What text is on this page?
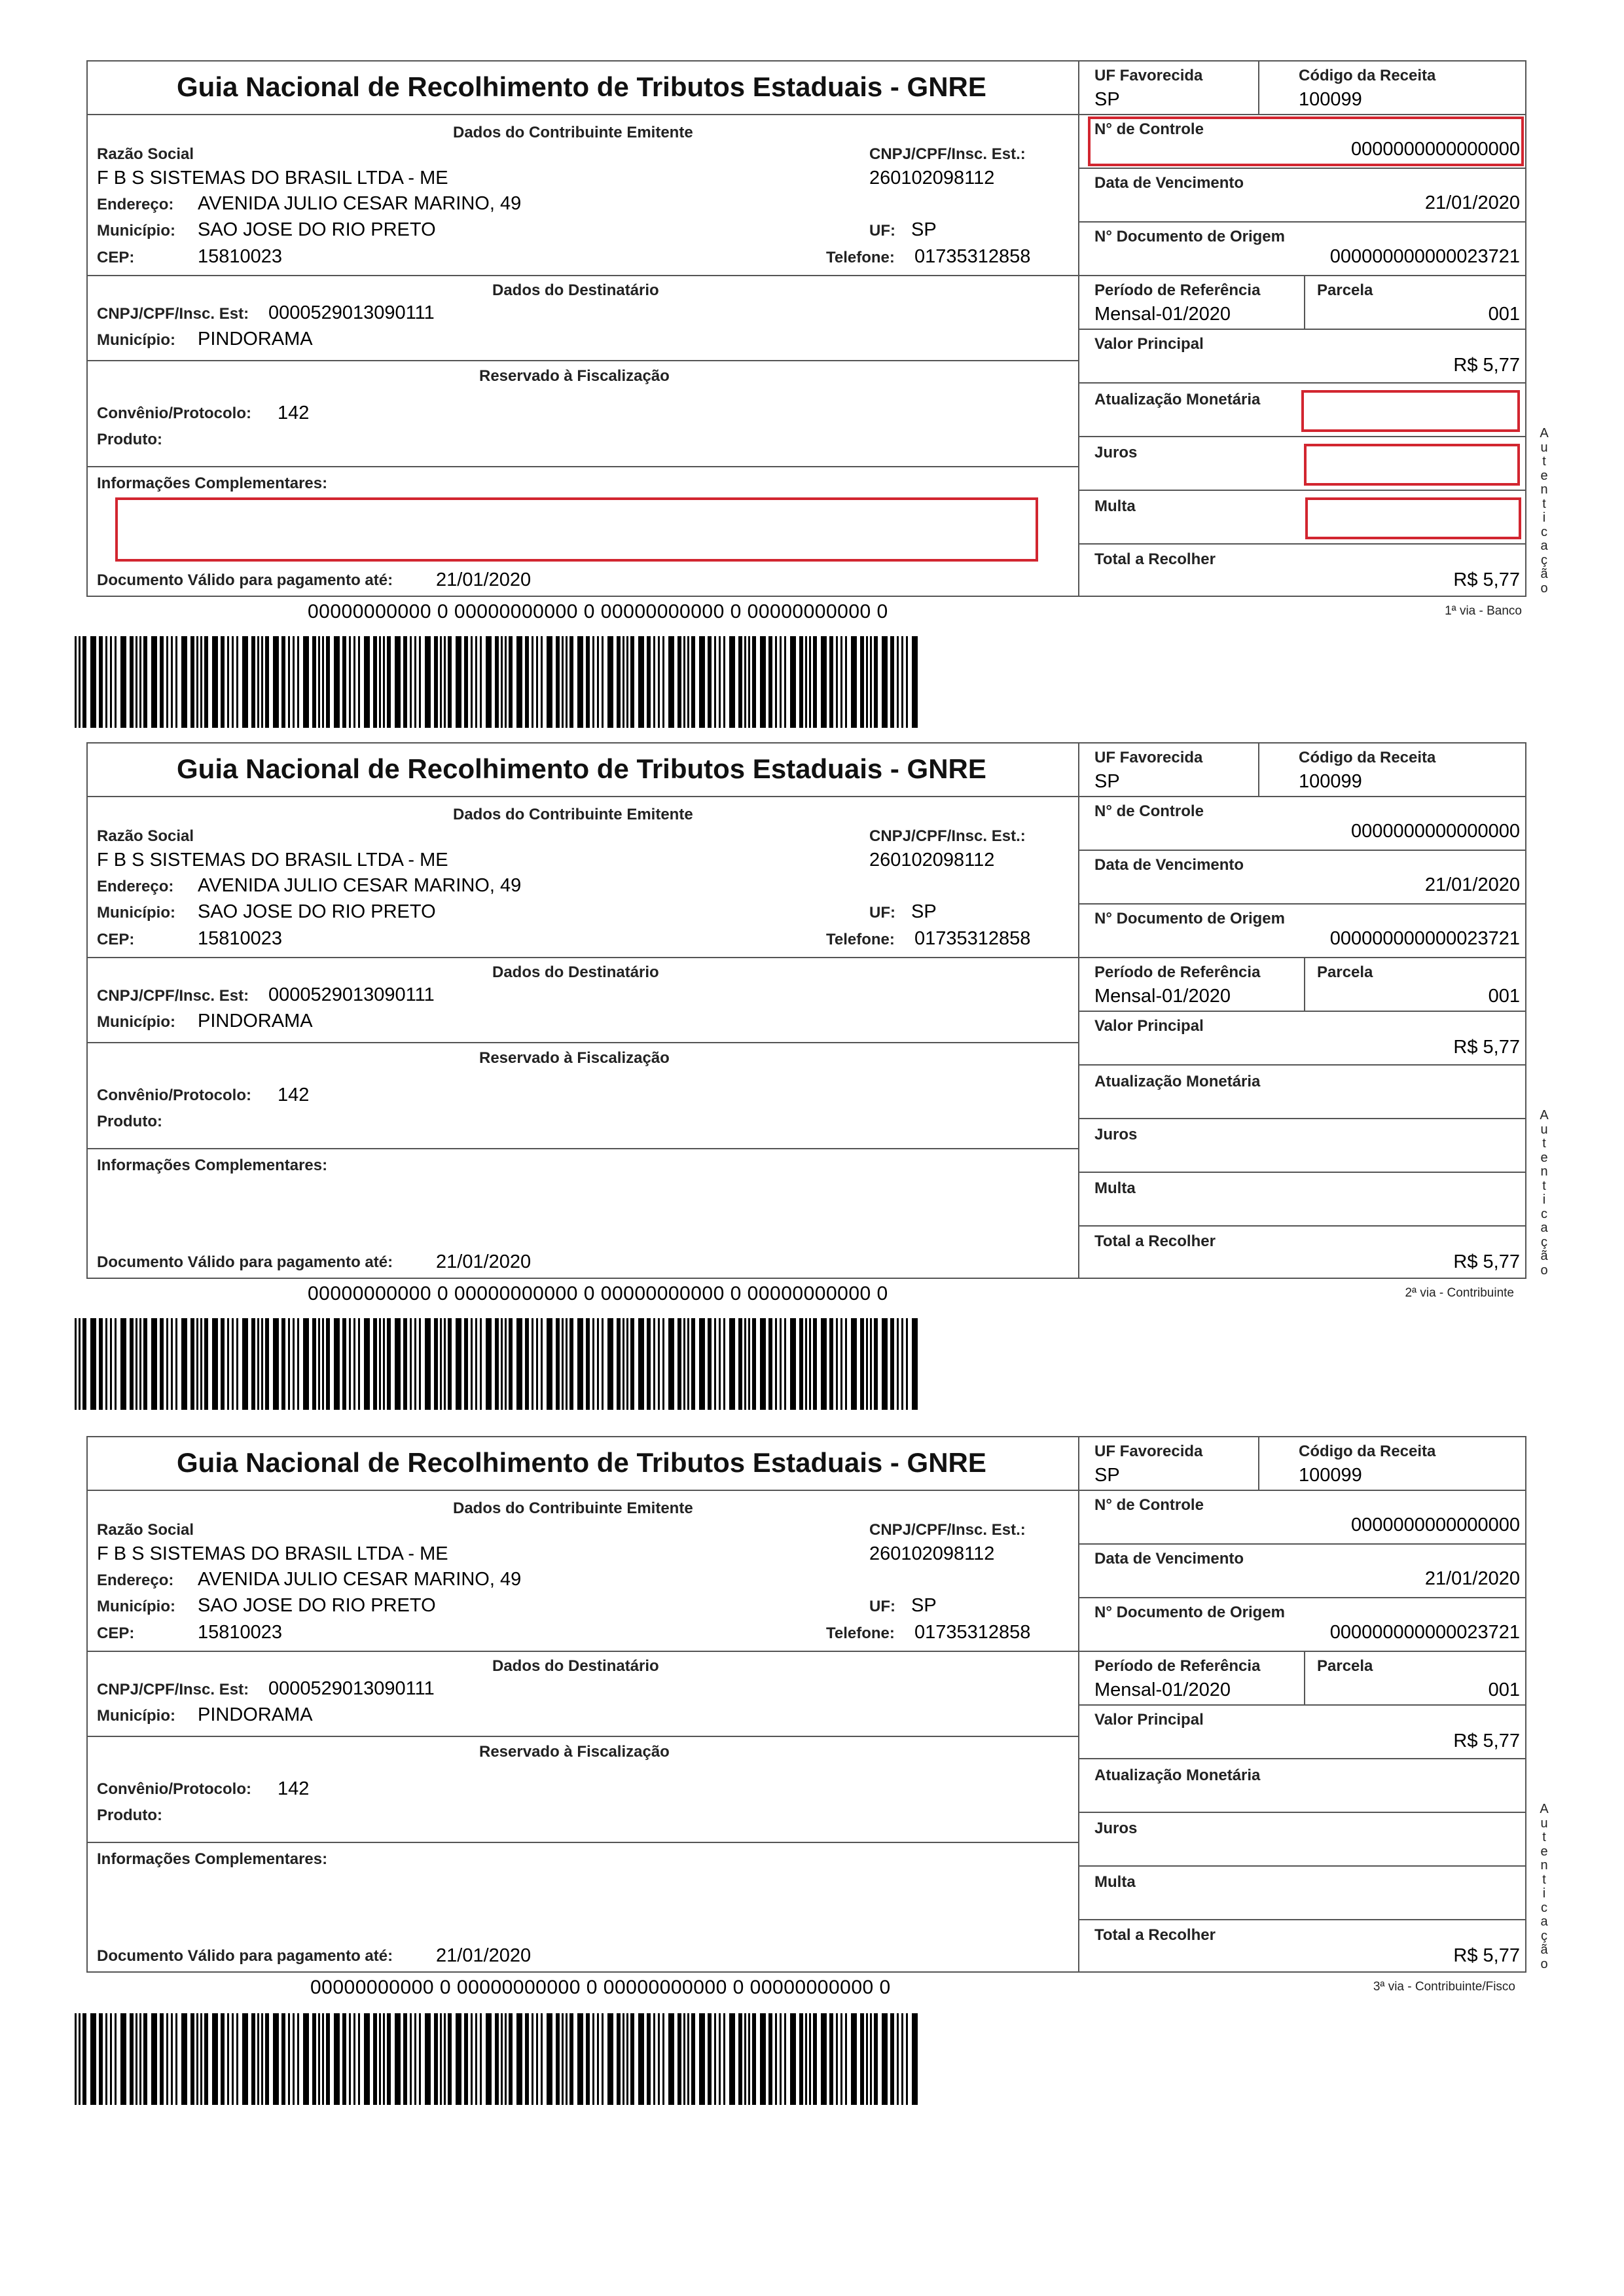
Guia Nacional de Recolhimento de Tributos Estaduais - GNRE
Dados do Contribuinte Emitente
Razão Social
F B S SISTEMAS DO BRASIL LTDA - ME
CNPJ/CPF/Insc. Est.:
260102098112
Endereço: AVENIDA JULIO CESAR MARINO, 49
Município: SAO JOSE DO RIO PRETO	UF: SP
CEP:	15810023	Telefone: 01735312858
Dados do Destinatário
CNPJ/CPF/Insc. Est: 0000529013090111
Município: PINDORAMA
Reservado à Fiscalização
Convênio/Protocolo: 142
Produto:
Informações Complementares:
Documento Válido para pagamento até: 21/01/2020
UF Favorecida
SP
Código da Receita
100099
N° de Controle
0000000000000000
Data de Vencimento
21/01/2020
N° Documento de Origem
000000000000023721
Período de Referência
Mensal-01/2020
Parcela
001
Valor Principal
R$ 5,77
Atualização Monetária
Juros
Multa
Total a Recolher
R$ 5,77
A
u
t
e
n
t
i
c
a
ç
ã
o
00000000000 0 00000000000 0 00000000000 0 00000000000 0	1ª via - Banco
Guia Nacional de Recolhimento de Tributos Estaduais - GNRE
Dados do Contribuinte Emitente
Razão Social
F B S SISTEMAS DO BRASIL LTDA - ME
CNPJ/CPF/Insc. Est.:
260102098112
Endereço: AVENIDA JULIO CESAR MARINO, 49
Município: SAO JOSE DO RIO PRETO	UF: SP
CEP:	15810023	Telefone: 01735312858
Dados do Destinatário
CNPJ/CPF/Insc. Est: 0000529013090111
Município: PINDORAMA
Reservado à Fiscalização
Convênio/Protocolo: 142
Produto:
Informações Complementares:
Documento Válido para pagamento até: 21/01/2020
UF Favorecida
SP
Código da Receita
100099
N° de Controle
0000000000000000
Data de Vencimento
21/01/2020
N° Documento de Origem
000000000000023721
Período de Referência
Mensal-01/2020
Parcela
001
Valor Principal
R$ 5,77
Atualização Monetária
Juros
Multa
Total a Recolher
R$ 5,77
A
u
t
e
n
t
i
c
a
ç
ã
o
00000000000 0 00000000000 0 00000000000 0 00000000000 0	2ª via - Contribuinte
Guia Nacional de Recolhimento de Tributos Estaduais - GNRE
Dados do Contribuinte Emitente
Razão Social
F B S SISTEMAS DO BRASIL LTDA - ME
CNPJ/CPF/Insc. Est.:
260102098112
Endereço: AVENIDA JULIO CESAR MARINO, 49
Município: SAO JOSE DO RIO PRETO	UF: SP
CEP:	15810023	Telefone: 01735312858
Dados do Destinatário
CNPJ/CPF/Insc. Est: 0000529013090111
Município: PINDORAMA
Reservado à Fiscalização
Convênio/Protocolo: 142
Produto:
Informações Complementares:
Documento Válido para pagamento até: 21/01/2020
UF Favorecida
SP
Código da Receita
100099
N° de Controle
0000000000000000
Data de Vencimento
21/01/2020
N° Documento de Origem
000000000000023721
Período de Referência
Mensal-01/2020
Parcela
001
Valor Principal
R$ 5,77
Atualização Monetária
Juros
Multa
Total a Recolher
R$ 5,77
A
u
t
e
n
t
i
c
a
ç
ã
o
00000000000 0 00000000000 0 00000000000 0 00000000000 0	3ª via - Contribuinte/Fisco
